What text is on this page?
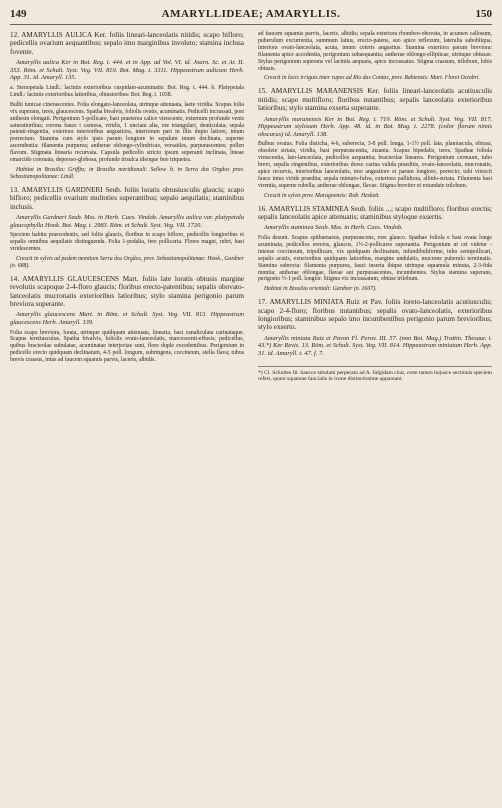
149	AMARYLLIDEAE; AMARYLLIS.	150

12. AMARYLLIS AULICA Ker. foliis lineari-lanceolatis nitidis; scapo bifloro; pedicellis ovarium aequantibus; sepalo imo marginibus involuto; stamina inclusa fovente.

Amaryllis aulica Ker in Bot. Reg. t. 444. et in App. ad Vol. VI. id. Journ. Sc. et Ar. II. 353. Röm. et Schult. Syst. Veg. VII. 810. Bot. Mag. t. 3311. Hippeastrum aulicum Herb. App. 31. id. Amaryll. 135.

a. Stenopetala Lindl.: laciniis exterioribus cuspidato-acuminatis: Bot. Reg. t. 444. b. Platypetala Lindl.: laciniis exterioribus latioribus, obtusioribus: Bot. Reg. t. 1038.

Bulbi tunicae cinerascentes. Folia elongato-lanceolata, utrinque attenuata, laete viridia. Scapus folia vix superans, teres, glaucescens. Spatha bivalvis, foliolis ovatis, acuminatis. Pedicelli incrassati, post anthesin elongati. Perigonium 5-pollicare, basi praeterea calice virescente, externum profunde venis saturatioribus; corona fauce i carnosa, viridis, 1 unciam alta, ore triangulari, denticulata; sepala patenti-ringentia, exteriora interioribus angustiora, interiorum pari in illis dupio latiore, imum porrectum. Stamina cum stylo ipsis parum longiore in sepalum imum declinata, superne ascendentia: filamenta purpurea; antherae oblongo-cylindricae, versatiles, purpurascentes; pollen flavum. Stigmata linearia recurvata. Capsula pedicello stricto ipsum superanti inclinata, lineae emarcido coronata, depresso-globosa, profunde trisulca ideoque fere triquetra.

Habitat in Brasilia: Griffin; in Brasilia meridionali: Sellow. b. in Serra dos Orgãos prov. Sebastianopolitanae: Lindl.

13. AMARYLLIS GARDNERI Seub. foliis loratis obtusiusculis glaucis; scapo bifloro; pedicellis ovarium multoties superantibus; sepalo aequilatis; staminibus inclusis.

Amaryllis Gardneri Seub. Mss. in Herb. Caes. Vindob. Amaryllis aulica var. platypetala glaucophylla Hook. Bot. Mag. t. 2983. Röm. et Schult. Syst. Veg. VII. 1720.

Speciem habitu praecedentis, sed foliis glaucis, floribus in scapo bifloro, pedicellis longioribus et sepalis omnibus aequilatis distinguenda. Folia 1-pedalia, fere pollicaria. Flores magni, rubri, basi viridescentes.

Crescit in sylvis ad pedem montium Serra dos Orgãos, prov. Sebastianopolitanae: Hook., Gardner (n. 688).

14. AMARYLLIS GLAUCESCENS Mart. foliis late loratis obtusis margine revolutis scapoque 2-4-floro glaucis; floribus erecto-patentibus; sepalis obovato-lanceolatis mucronatis exterioribus latioribus; stylo stamina perigonio parum breviora superante.

Amaryllis glaucescens Mart. in Röm. et Schult. Syst. Veg. VII. 813. Hippeastrum glaucescens Herb. Amaryll. 139.

Folia scapo breviora, lorata, utrinque quidquam attenuata, linearia, basi canaliculata carinataque. Scapus teretiusculus. Spatha bivalvis, foliolis ovato-lanceolatis, marcescenti-effusis; pedicellus, quibus bracteolae subulatae, acuminatae interjectae sunt, flore duple excedentibus. Perigonium in pedicello erecto quidquam declinatum, 4-5 poll. longum, subringens, coccineum, stella flava; tubus brevis crassus, intus ad faucem squamis parvis, laceris, albidis.

ad faucem squamis parvis, laceris, albidis; sepala exteriora rhombeo-obovata, in acumen callosum, puberulum excurrentia, summum latius, erecto-patens, suo apice reflexum, lateralia subobliqua, interiora ovato-lanceolata, acuta, imum ceteris angustius. Stamina exteriora parum breviora: filamenta apice accedentia, perigonium subaequantia; antherae oblongo-ellipticae, utrinque obtusae. Stylus perigonium superans vel laciniis aequans, apice incrassatus. Stigma crassum, trilobum, lobis obtusis.

Crescit in locis irriguis inter rupes ad Rio das Contas, prov. Bahiensis: Mart. Floret Octobri.

15. AMARYLLIS MARANENSIS Ker. foliis lineari-lanceolatis acutiusculis nitidis; scapo multifloro; floribus nutantibus; sepalis lanceolatis exterioribus latioribus; stylo stamina exserta superante.

Amaryllis maranensis Ker in Bot. Reg. t. 719. Röm. et Schult. Syst. Veg. VII. 817. Hippeastrum stylosum Herb. App. 48. id. in Bot. Mag. t. 2278. (color florum nimis obscurus) id. Amaryll. 138.

Bulbus ovatus. Folia disticha, 4-6, suberecta, 3-8 poll. longa, 1-1½ poll. lata, planiuscula, obtusa, obsolete striata, viridia, basi purpurascentia, zizania. Scapus bipedalis, teres. Spathae foliola virescentia, lato-lanceolata, pedicellos aequantia; bracteolae lineares. Perigonium cernuum, tubo brevi, sepalis ringentibus, exterioribus dorso carina valida praeditis, ovato-lanceolatis, mucronatis, apice recurvis, interioribus lanceolatis, imo angustiore et parum longiore, porrecto; tubi virescit fauce intus viride praedita; sepala miniato-fulva, exteriora pallidiora, albido-striata. Filamenta basi virentia, superne rubella; antherae oblongae, flavae. Stigma breviter et rotundate trilobum.

Crescit in sylvis prov. Maragnensis: Rob. Heskett.

16. AMARYLLIS STAMINEA Seub. foliis ...; scapo multifloro; floribus erectis; sepalis lanceolatis apice attenuatis; staminibus styloque exsertis.

Amaryllis staminea Seub. Mss. in Herb. Caes. Vindob.

Folia desunt. Scapus spithamaeus, purpurascens, rore glauco. Spathae foliola e basi ovata longe acuminata, pedicellos erectos, glaucos, 1½-2-pollicares superantia. Perigonium ut cet videtur - intense coccineum, tripollicare, vix quidquam declinatum, infundibuliforme, tubo semipollicari, sepalis acutis, exterioribus quidquam latioribus, margine undulatis, mucrone puberulo terminatis. Stamina subrecta: filamenta purpurea, fauci inserta ibique utrinque squamula minuta, 2-3-fida munita; antherae oblongae, flavae aut purpurascentes, incumbentes. Stylus stamina superans, perigonio ½-1 poll. longior. Stigma vix incrassatum, obtuse trilobum.

Habitat in Brasilia orientali: Gardner (n. 1607).

17. AMARYLLIS MINIATA Ruiz et Pav. foliis loreto-lanceolatis acutiusculis; scapo 2-4-floro; floribus nutantibus; sepalis ovato-lanceolatis, exterioribus longioribus; staminibus sepalo imo incumbentibus perigonio parum brevioribus; stylo exserto.

Amaryllis miniata Ruiz et Pavon Fl. Peruv. III. 57. (non Bot. Mag.) Trattin. Thesaur. t. 43.*) Ker Revis. 13. Röm. et Schult. Syst. Veg. VII. 814. Hippeastrum miniatum Herb. App. 31. id. Amaryll. t. 47. f. 7.

*) Cl. Schultes fil. hancce tabulam perperam ad A. fulgidam citat, certe tamen hujusce sectionis speciem refert, quum squamae faucialis in icone distinctissime appareant.
